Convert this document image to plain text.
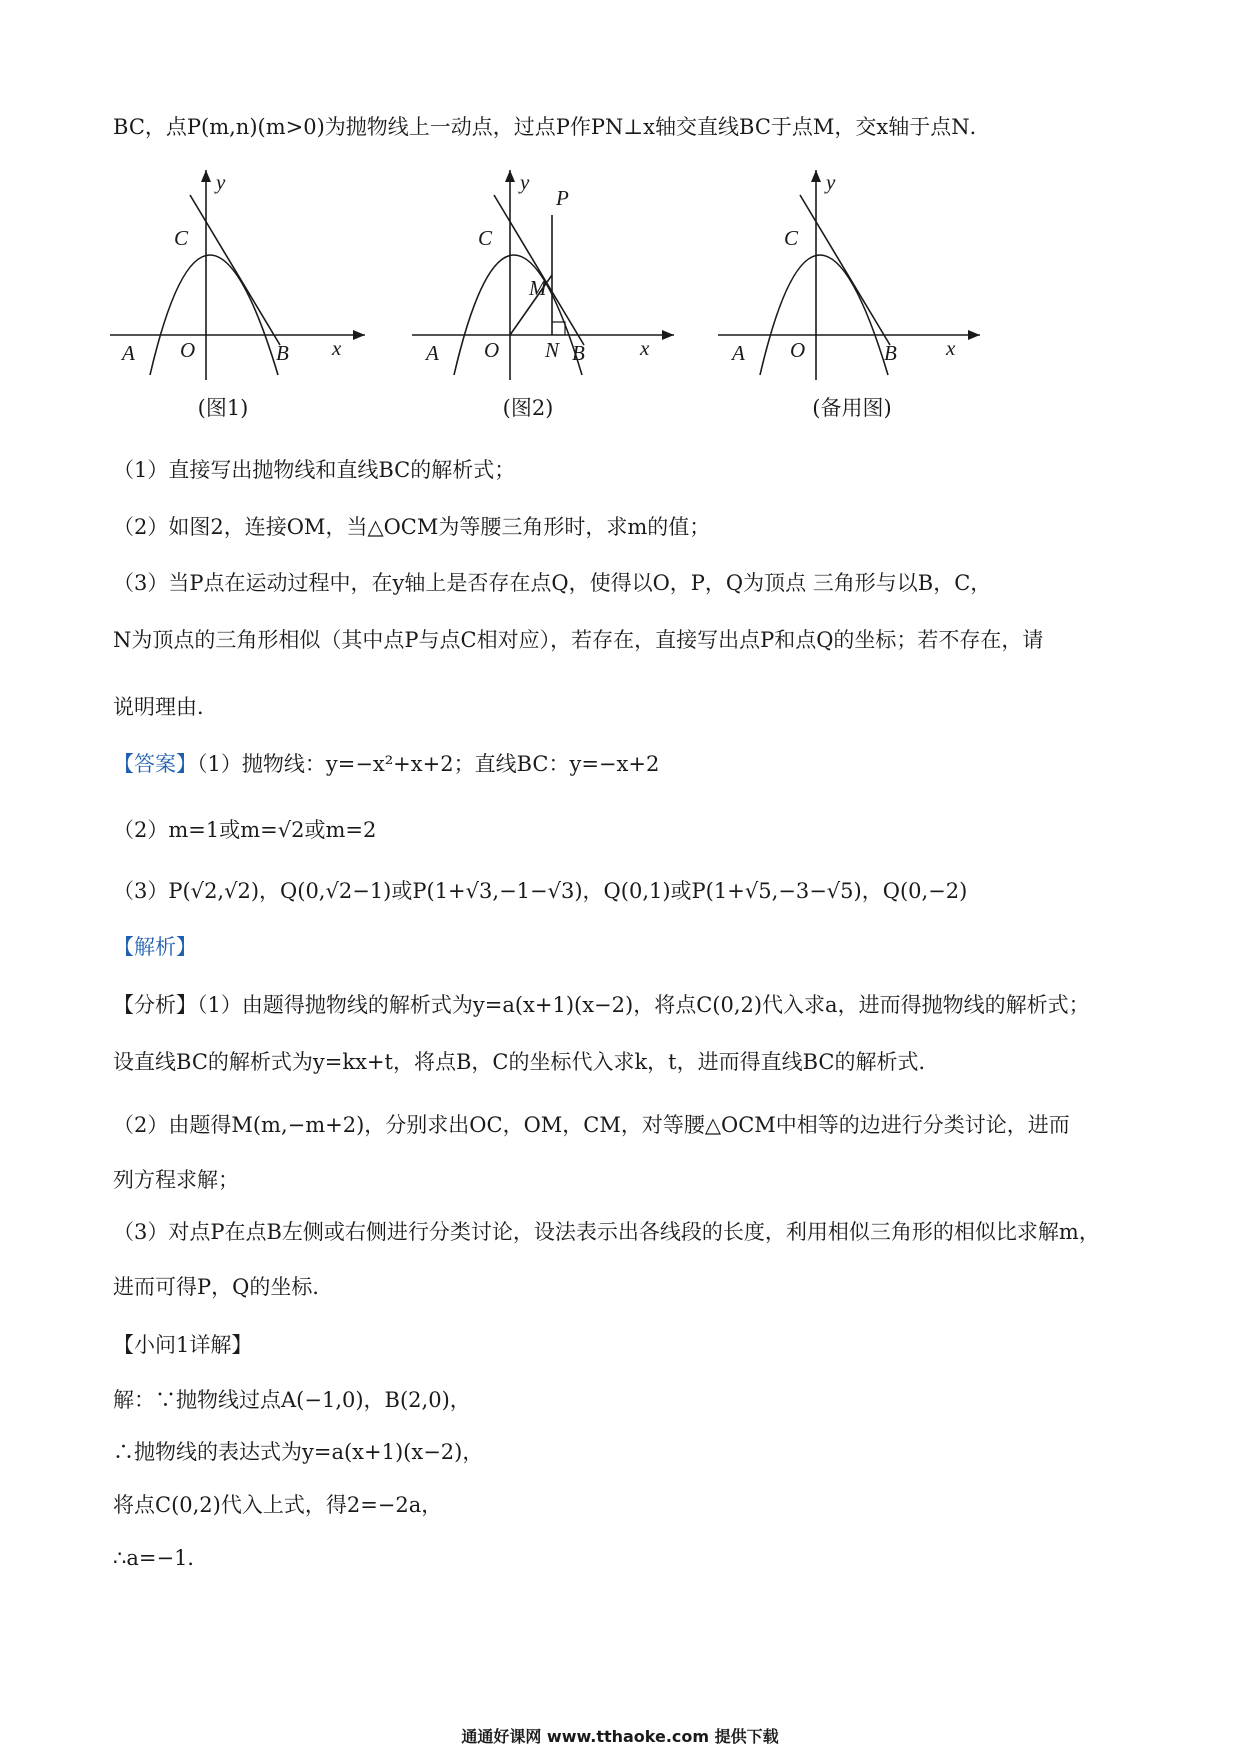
BC，点P(m,n)(m>0)为抛物线上一动点，过点P作PN⊥x轴交直线BC于点M，交x轴于点N．
y
C
A O	B x
(图1)
y
P
C
M
A O N B	x
(图2)
y
C
A O	B x
(备用图)
（1）直接写出抛物线和直线BC的解析式；
（2）如图2，连接OM，当△OCM为等腰三角形时，求m的值；
（3）当P点在运动过程中，在y轴上是否存在点Q，使得以O，P，Q为顶点 三角形与以B，C，
N为顶点的三角形相似（其中点P与点C相对应），若存在，直接写出点P和点Q的坐标；若不存在，请
说明理由．
【答案】（1）抛物线：y=−x²+x+2；直线BC：y=−x+2
（2）m=1或m=√2或m=2
（3）P(√2,√2)，Q(0,√2−1)或P(1+√3,−1−√3)，Q(0,1)或P(1+√5,−3−√5)，Q(0,−2)
【解析】
【分析】（1）由题得抛物线的解析式为y=a(x+1)(x−2)，将点C(0,2)代入求a，进而得抛物线的解析式；
设直线BC的解析式为y=kx+t，将点B，C的坐标代入求k，t，进而得直线BC的解析式．
（2）由题得M(m,−m+2)，分别求出OC，OM，CM，对等腰△OCM中相等的边进行分类讨论，进而
列方程求解；
（3）对点P在点B左侧或右侧进行分类讨论，设法表示出各线段的长度，利用相似三角形的相似比求解m，
进而可得P，Q的坐标．
【小问1详解】
解：∵抛物线过点A(−1,0)，B(2,0)，
∴抛物线的表达式为y=a(x+1)(x−2)，
将点C(0,2)代入上式，得2=−2a，
∴a=−1．
通通好课网 www.tthaoke.com 提供下载
